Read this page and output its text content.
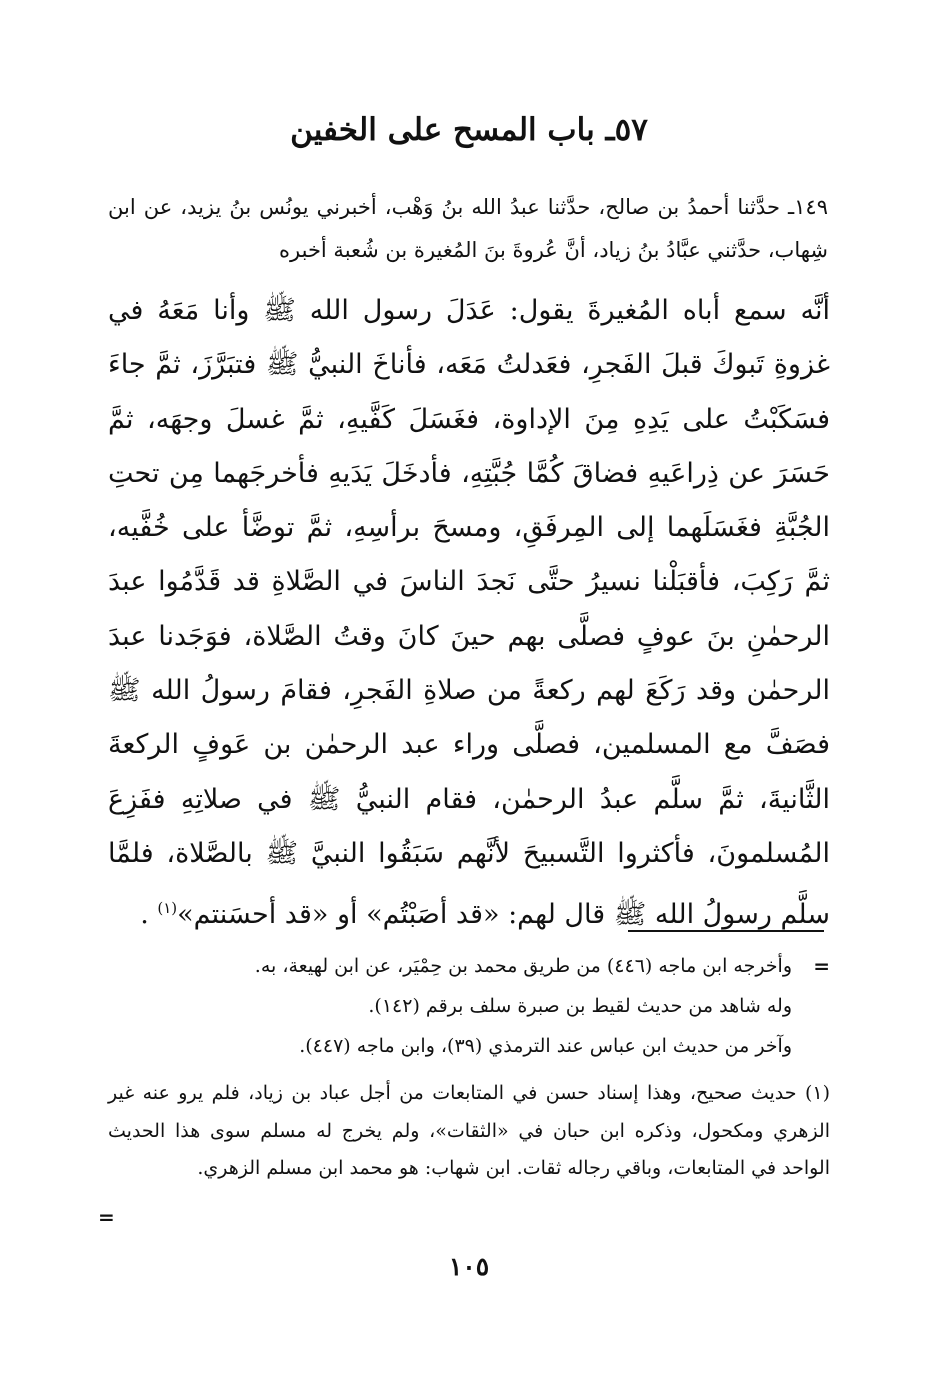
٥٧ـ باب المسح على الخفين

١٤٩ـ حدَّثنا أحمدُ بن صالح، حدَّثنا عبدُ الله بنُ وَهْب، أخبرني يونُس بنُ يزيد، عن ابن شِهاب، حدَّثني عبَّادُ بنُ زياد، أنَّ عُروةَ بنَ المُغيرة بن شُعبة أخبره

أنَّه سمع أباه المُغيرةَ يقول: عَدَلَ رسول الله ﷺ وأنا مَعَهُ في غزوةِ تَبوكَ قبلَ الفَجرِ، فعَدلتُ مَعَه، فأناخَ النبيُّ ﷺ فتبَرَّزَ، ثمَّ جاءَ فسَكَبْتُ على يَدِهِ مِنَ الإداوة، فغَسَلَ كَفَّيهِ، ثمَّ غسلَ وجهَه، ثمَّ حَسَرَ عن ذِراعَيهِ فضاقَ كُمَّا جُبَّتِهِ، فأدخَلَ يَدَيهِ فأخرجَهما مِن تحتِ الجُبَّةِ فغَسَلَهما إلى المِرفَقِ، ومسحَ برأسِهِ، ثمَّ توضَّأ على خُفَّيه، ثمَّ رَكِبَ، فأقبَلْنا نسيرُ حتَّى نَجدَ الناسَ في الصَّلاةِ قد قَدَّمُوا عبدَ الرحمٰنِ بنَ عوفٍ فصلَّى بهم حينَ كانَ وقتُ الصَّلاة، فوَجَدنا عبدَ الرحمٰن وقد رَكَعَ لهم ركعةً من صلاةِ الفَجرِ، فقامَ رسولُ الله ﷺ فصَفَّ مع المسلمين، فصلَّى وراء عبد الرحمٰن بن عَوفٍ الركعةَ الثَّانيةَ، ثمَّ سلَّم عبدُ الرحمٰن، فقام النبيُّ ﷺ في صلاتِهِ ففَزِعَ المُسلمونَ، فأكثروا التَّسبيحَ لأنَّهم سَبَقُوا النبيَّ ﷺ بالصَّلاة، فلمَّا سلَّم رسولُ الله ﷺ قال لهم: «قد أصَبْتُم» أو «قد أحسَنتم»$^{(١)}$ .

=

وأخرجه ابن ماجه (٤٤٦) من طريق محمد بن حِمْيَر، عن ابن لهيعة، به.

وله شاهد من حديث لقيط بن صبرة سلف برقم (١٤٢).

وآخر من حديث ابن عباس عند الترمذي (٣٩)، وابن ماجه (٤٤٧).

(١) حديث صحيح، وهذا إسناد حسن في المتابعات من أجل عباد بن زياد، فلم يرو عنه غير الزهري ومكحول، وذكره ابن حبان في «الثقات»، ولم يخرج له مسلم سوى هذا الحديث الواحد في المتابعات، وباقي رجاله ثقات. ابن شهاب: هو محمد ابن مسلم الزهري.

=
١٠٥
